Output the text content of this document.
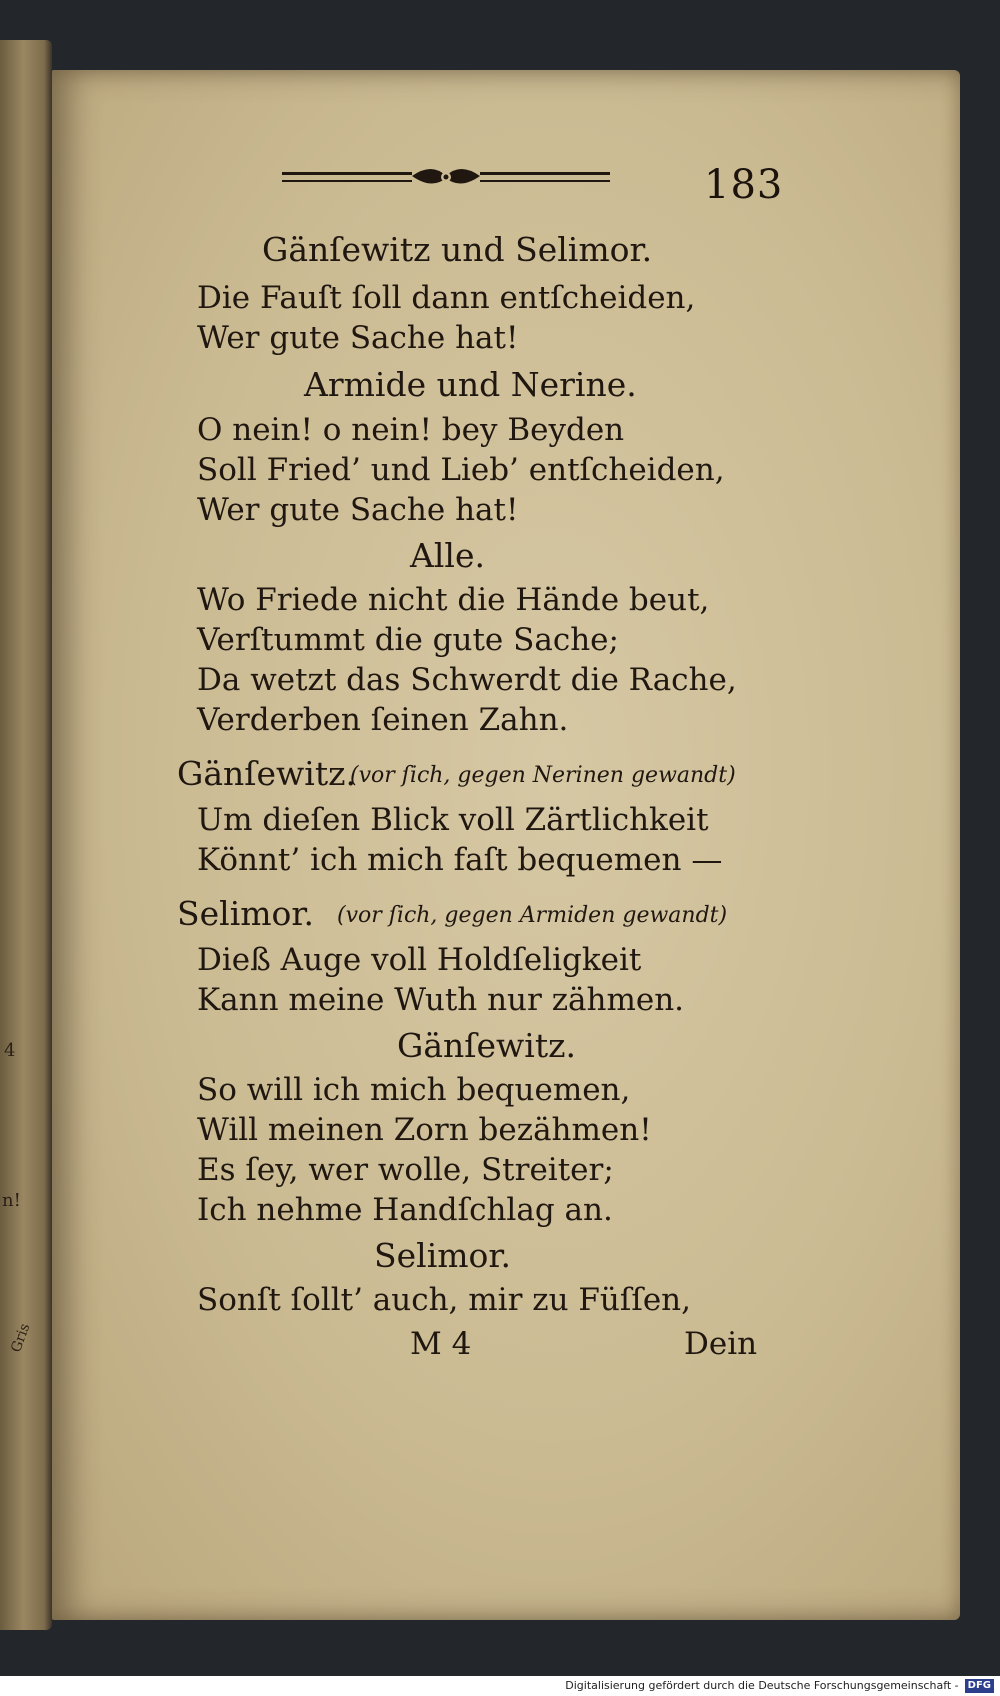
4
n!
Gris
183
Gänſewitz und Selimor.
Die Fauſt ſoll dann entſcheiden,
Wer gute Sache hat!
Armide und Nerine.
O nein! o nein! bey Beyden
Soll Fried’ und Lieb’ entſcheiden,
Wer gute Sache hat!
Alle.
Wo Friede nicht die Hände beut,
Verſtummt die gute Sache;
Da wetzt das Schwerdt die Rache,
Verderben ſeinen Zahn.
Gänſewitz.
(vor ſich, gegen Nerinen gewandt)
Um dieſen Blick voll Zärtlichkeit
Könnt’ ich mich faſt bequemen —
Selimor. (vor ſich, gegen Armiden gewandt)
Dieß Auge voll Holdſeligkeit
Kann meine Wuth nur zähmen.
Gänſewitz.
So will ich mich bequemen,
Will meinen Zorn bezähmen!
Es ſey, wer wolle, Streiter;
Ich nehme Handſchlag an.
Selimor.
Sonſt ſollt’ auch, mir zu Füſſen,
M 4	Dein
Digitalisierung gefördert durch die Deutsche Forschungsgemeinschaft - DFG
